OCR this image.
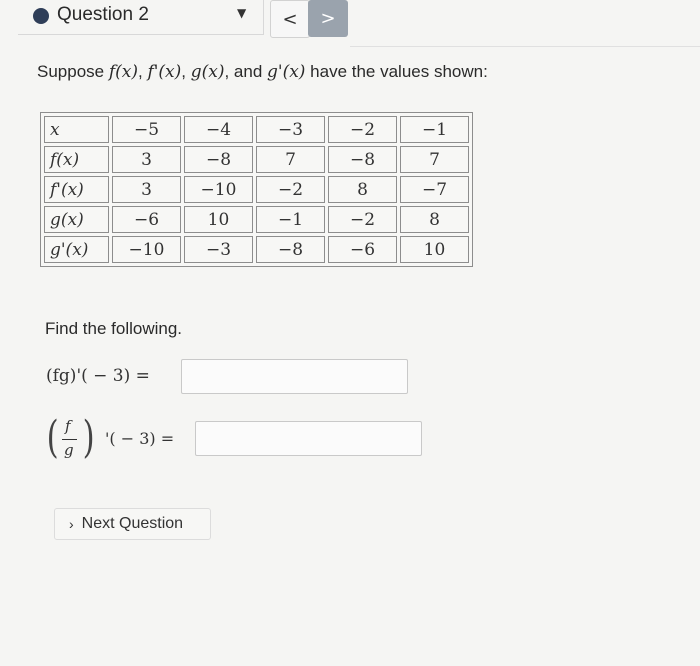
Question 2	▼ < >
Suppose f(x), f'(x), g(x), and g'(x) have the values shown:
x	−5	−4	−3	−2	−1
f(x)	3	−8	7	−8	7
f'(x)	3	−10	−2	8	−7
g(x)	−6	10	−1	−2	8
g'(x)	−10	−3	−8	−6	10
Find the following.
(fg)'( − 3) =
( f
g ) '( − 3) =
› Next Question
